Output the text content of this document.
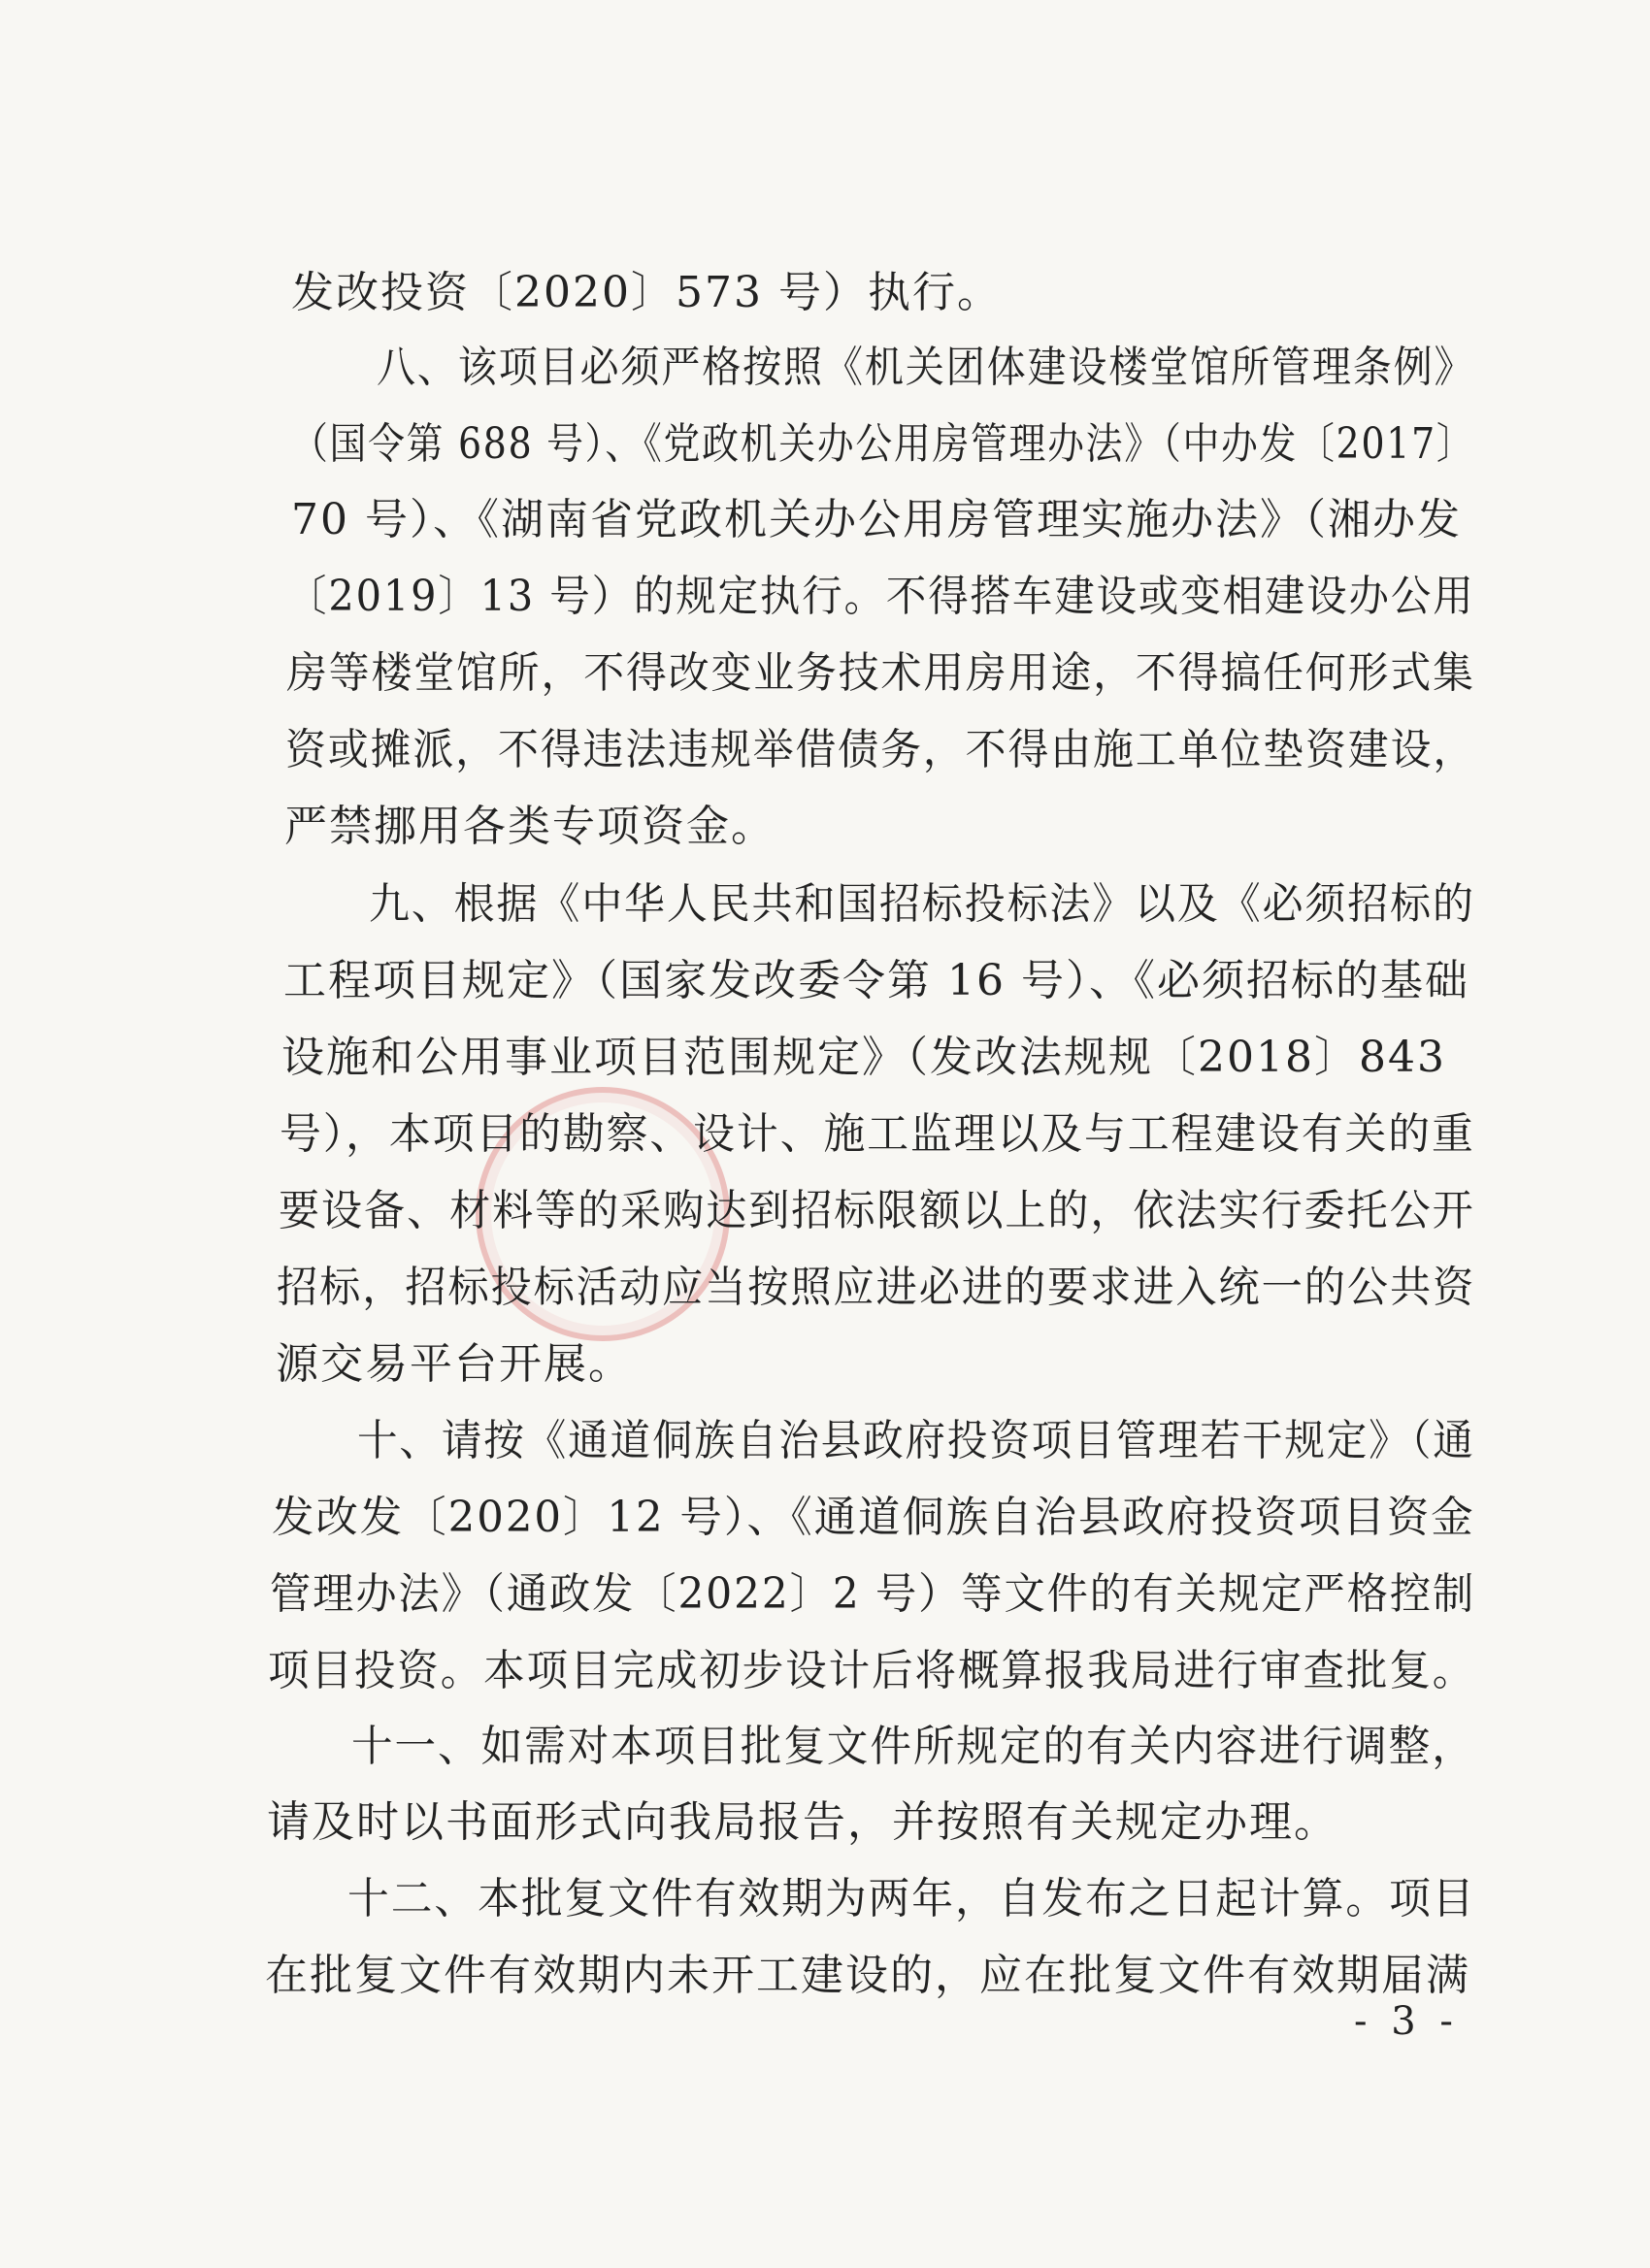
发改投资〔2020〕573 号）执行。
八、该项目必须严格按照《机关团体建设楼堂馆所管理条例》
（国令第 688 号）、《党政机关办公用房管理办法》（中办发〔2017〕
70 号）、《湖南省党政机关办公用房管理实施办法》（湘办发
〔2019〕13 号）的规定执行。不得搭车建设或变相建设办公用
房等楼堂馆所，不得改变业务技术用房用途，不得搞任何形式集
资或摊派，不得违法违规举借债务，不得由施工单位垫资建设，
严禁挪用各类专项资金。
九、根据《中华人民共和国招标投标法》以及《必须招标的
工程项目规定》（国家发改委令第 16 号）、《必须招标的基础
设施和公用事业项目范围规定》（发改法规规〔2018〕843
号），本项目的勘察、设计、施工监理以及与工程建设有关的重
要设备、材料等的采购达到招标限额以上的，依法实行委托公开
招标，招标投标活动应当按照应进必进的要求进入统一的公共资
源交易平台开展。
十、请按《通道侗族自治县政府投资项目管理若干规定》（通
发改发〔2020〕12 号）、《通道侗族自治县政府投资项目资金
管理办法》（通政发〔2022〕2 号）等文件的有关规定严格控制
项目投资。本项目完成初步设计后将概算报我局进行审查批复。
十一、如需对本项目批复文件所规定的有关内容进行调整，
请及时以书面形式向我局报告，并按照有关规定办理。
十二、本批复文件有效期为两年，自发布之日起计算。项目
在批复文件有效期内未开工建设的，应在批复文件有效期届满
- 3 -
